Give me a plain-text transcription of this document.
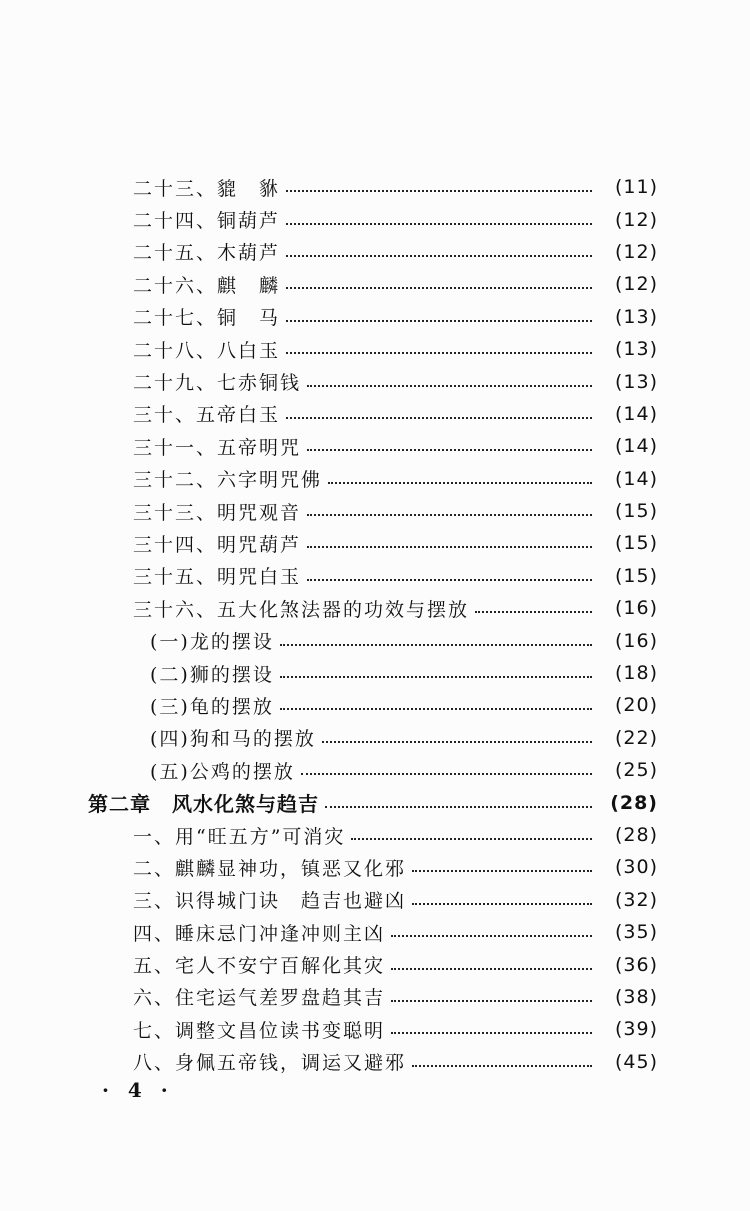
二十三、貔　貅	(11)
二十四、铜葫芦	(12)
二十五、木葫芦	(12)
二十六、麒　麟	(12)
二十七、铜　马	(13)
二十八、八白玉	(13)
二十九、七赤铜钱	(13)
三十、五帝白玉	(14)
三十一、五帝明咒	(14)
三十二、六字明咒佛	(14)
三十三、明咒观音	(15)
三十四、明咒葫芦	(15)
三十五、明咒白玉	(15)
三十六、五大化煞法器的功效与摆放	(16)
(一)龙的摆设	(16)
(二)狮的摆设	(18)
(三)龟的摆放	(20)
(四)狗和马的摆放	(22)
(五)公鸡的摆放	(25)
第二章　风水化煞与趋吉	(28)
一、用“旺五方”可消灾	(28)
二、麒麟显神功，镇恶又化邪	(30)
三、识得城门诀　趋吉也避凶	(32)
四、睡床忌门冲逢冲则主凶	(35)
五、宅人不安宁百解化其灾	(36)
六、住宅运气差罗盘趋其吉	(38)
七、调整文昌位读书变聪明	(39)
八、身佩五帝钱，调运又避邪	(45)
· 4 ·
